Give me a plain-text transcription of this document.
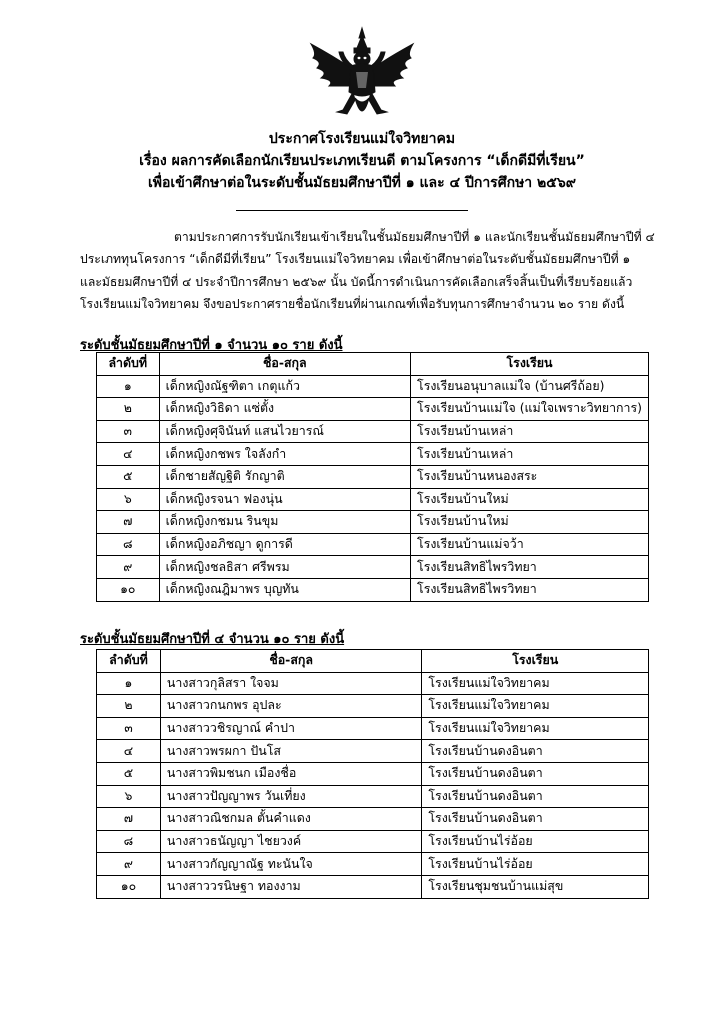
ประกาศโรงเรียนแม่ใจวิทยาคม
เรื่อง ผลการคัดเลือกนักเรียนประเภทเรียนดี ตามโครงการ “เด็กดีมีที่เรียน”
เพื่อเข้าศึกษาต่อในระดับชั้นมัธยมศึกษาปีที่ ๑ และ ๔ ปีการศึกษา ๒๕๖๙
ตามประกาศการรับนักเรียนเข้าเรียนในชั้นมัธยมศึกษาปีที่ ๑ และนักเรียนชั้นมัธยมศึกษาปีที่ ๔
ประเภททุนโครงการ “เด็กดีมีที่เรียน” โรงเรียนแม่ใจวิทยาคม เพื่อเข้าศึกษาต่อในระดับชั้นมัธยมศึกษาปีที่ ๑
และมัธยมศึกษาปีที่ ๔ ประจำปีการศึกษา ๒๕๖๙ นั้น บัดนี้การดำเนินการคัดเลือกเสร็จสิ้นเป็นที่เรียบร้อยแล้ว
โรงเรียนแม่ใจวิทยาคม จึงขอประกาศรายชื่อนักเรียนที่ผ่านเกณฑ์เพื่อรับทุนการศึกษาจำนวน ๒๐ ราย ดังนี้
ระดับชั้นมัธยมศึกษาปีที่ ๑ จำนวน ๑๐ ราย ดังนี้
ลำดับที่	ชื่อ-สกุล	โรงเรียน
๑	เด็กหญิงณัฐฑิตา เกตุแก้ว	โรงเรียนอนุบาลแม่ใจ (บ้านศรีถ้อย)
๒	เด็กหญิงวิธิดา แซ่ตั้ง	โรงเรียนบ้านแม่ใจ (แม่ใจเพราะวิทยาการ)
๓	เด็กหญิงศุจินันท์ แสนไวยารณ์	โรงเรียนบ้านเหล่า
๔	เด็กหญิงกชพร ใจลังกำ	โรงเรียนบ้านเหล่า
๕	เด็กชายสัญฐิติ รักญาติ	โรงเรียนบ้านหนองสระ
๖	เด็กหญิงรจนา ฟองนุ่น	โรงเรียนบ้านใหม่
๗	เด็กหญิงกชมน รินขุม	โรงเรียนบ้านใหม่
๘	เด็กหญิงอภิชญา ดูการดี	โรงเรียนบ้านแม่จว้า
๙	เด็กหญิงชลธิสา ศรีพรม	โรงเรียนสิทธิไพรวิทยา
๑๐	เด็กหญิงณฎิมาพร บุญทัน	โรงเรียนสิทธิไพรวิทยา
ระดับชั้นมัธยมศึกษาปีที่ ๔ จำนวน ๑๐ ราย ดังนี้
ลำดับที่	ชื่อ-สกุล	โรงเรียน
๑	นางสาวกุลิสรา ใจจม	โรงเรียนแม่ใจวิทยาคม
๒	นางสาวกนกพร อุปละ	โรงเรียนแม่ใจวิทยาคม
๓	นางสาววชิรญาณ์ คำปา	โรงเรียนแม่ใจวิทยาคม
๔	นางสาวพรผกา ปันโส	โรงเรียนบ้านดงอินตา
๕	นางสาวพิมชนก เมืองชื่อ	โรงเรียนบ้านดงอินตา
๖	นางสาวปัญญาพร วันเที่ยง	โรงเรียนบ้านดงอินตา
๗	นางสาวณิชกมล ตั้นคำแดง	โรงเรียนบ้านดงอินตา
๘	นางสาวธนัญญา ไชยวงค์	โรงเรียนบ้านไร่อ้อย
๙	นางสาวกัญญาณัฐ ทะนันใจ	โรงเรียนบ้านไร่อ้อย
๑๐	นางสาววรนิษฐา ทองงาม	โรงเรียนชุมชนบ้านแม่สุข
